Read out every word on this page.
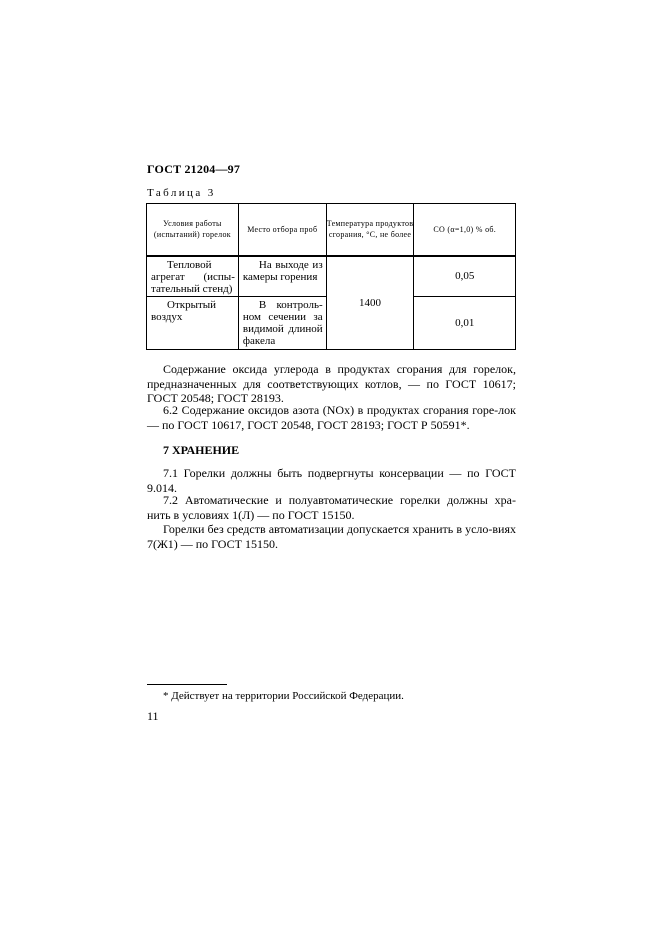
ГОСТ 21204—97
Таблица 3
Условия работы (испытаний) горелок	Место отбора проб	Температура продуктов сгорания, °С, не более	СО (α=1,0) % об.

Тепловой агрегат (испы-тательный стенд)	На выходе из камеры горения	1400	0,05

Открытый воздух	В контроль-ном сечении за видимой длиной факела		0,01
Содержание оксида углерода в продуктах сгорания для горелок, предназначенных для соответствующих котлов, — по ГОСТ 10617; ГОСТ 20548; ГОСТ 28193.
6.2 Содержание оксидов азота (NOx) в продуктах сгорания горе-лок — по ГОСТ 10617, ГОСТ 20548, ГОСТ 28193; ГОСТ Р 50591*.
7 ХРАНЕНИЕ
7.1 Горелки должны быть подвергнуты консервации — по ГОСТ 9.014.
7.2 Автоматические и полуавтоматические горелки должны хра-нить в условиях 1(Л) — по ГОСТ 15150.
Горелки без средств автоматизации допускается хранить в усло-виях 7(Ж1) — по ГОСТ 15150.
* Действует на территории Российской Федерации.
11
